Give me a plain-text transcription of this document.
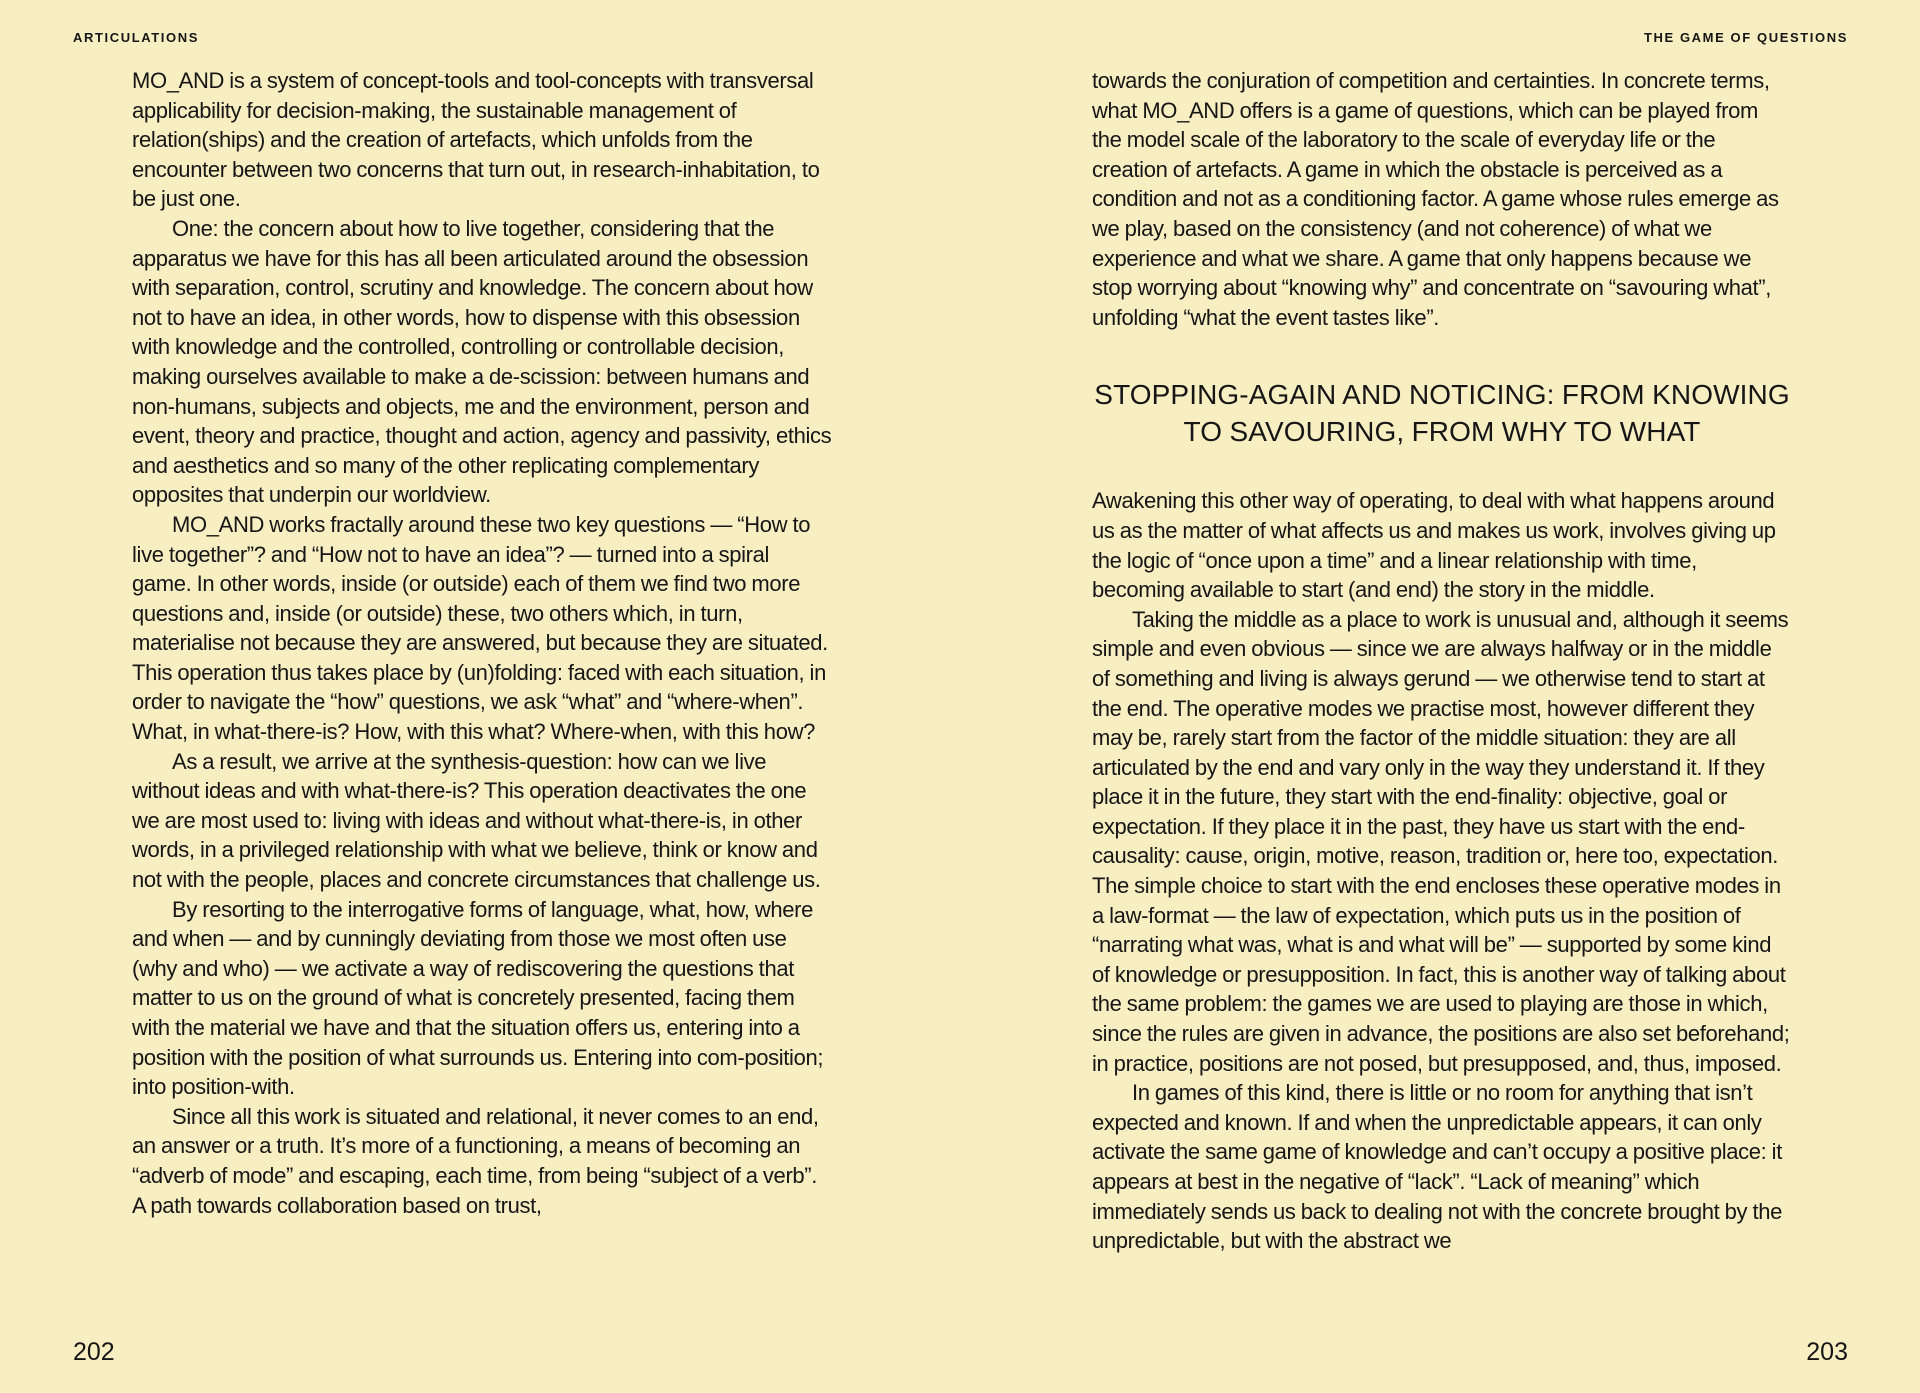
ARTICULATIONS

MO_AND is a system of concept-tools and tool-concepts with transversal applicability for decision-making, the sustainable management of relation(ships) and the creation of artefacts, which unfolds from the encounter between two concerns that turn out, in research-inhabitation, to be just one.

One: the concern about how to live together, considering that the apparatus we have for this has all been articulated around the obsession with separation, control, scrutiny and knowledge. The concern about how not to have an idea, in other words, how to dispense with this obsession with knowledge and the controlled, controlling or controllable decision, making ourselves available to make a de-scission: between humans and non-humans, subjects and objects, me and the environment, person and event, theory and practice, thought and action, agency and passivity, ethics and aesthetics and so many of the other replicating complementary opposites that underpin our worldview.

MO_AND works fractally around these two key questions — “How to live together”? and “How not to have an idea”? — turned into a spiral game. In other words, inside (or outside) each of them we find two more questions and, inside (or outside) these, two others which, in turn, materialise not because they are answered, but because they are situated. This operation thus takes place by (un)folding: faced with each situation, in order to navigate the “how” questions, we ask “what” and “where-when”. What, in what-there-is? How, with this what? Where-when, with this how?

As a result, we arrive at the synthesis-question: how can we live without ideas and with what-there-is? This operation deactivates the one we are most used to: living with ideas and without what-there-is, in other words, in a privileged relationship with what we believe, think or know and not with the people, places and concrete circumstances that challenge us.

By resorting to the interrogative forms of language, what, how, where and when — and by cunningly deviating from those we most often use (why and who) — we activate a way of rediscovering the questions that matter to us on the ground of what is concretely presented, facing them with the material we have and that the situation offers us, entering into a position with the position of what surrounds us. Entering into com-position; into position-with.

Since all this work is situated and relational, it never comes to an end, an answer or a truth. It’s more of a functioning, a means of becoming an “adverb of mode” and escaping, each time, from being “subject of a verb”. A path towards collaboration based on trust,

202
THE GAME OF QUESTIONS

towards the conjuration of competition and certainties. In concrete terms, what MO_AND offers is a game of questions, which can be played from the model scale of the laboratory to the scale of everyday life or the creation of artefacts. A game in which the obstacle is perceived as a condition and not as a conditioning factor. A game whose rules emerge as we play, based on the consistency (and not coherence) of what we experience and what we share. A game that only happens because we stop worrying about “knowing why” and concentrate on “savouring what”, unfolding “what the event tastes like”.

STOPPING-AGAIN AND NOTICING: FROM KNOWING TO SAVOURING, FROM WHY TO WHAT

Awakening this other way of operating, to deal with what happens around us as the matter of what affects us and makes us work, involves giving up the logic of “once upon a time” and a linear relationship with time, becoming available to start (and end) the story in the middle.

Taking the middle as a place to work is unusual and, although it seems simple and even obvious — since we are always halfway or in the middle of something and living is always gerund — we otherwise tend to start at the end. The operative modes we practise most, however different they may be, rarely start from the factor of the middle situation: they are all articulated by the end and vary only in the way they understand it. If they place it in the future, they start with the end-finality: objective, goal or expectation. If they place it in the past, they have us start with the end-causality: cause, origin, motive, reason, tradition or, here too, expectation. The simple choice to start with the end encloses these operative modes in a law-format — the law of expectation, which puts us in the position of “narrating what was, what is and what will be” — supported by some kind of knowledge or presupposition. In fact, this is another way of talking about the same problem: the games we are used to playing are those in which, since the rules are given in advance, the positions are also set beforehand; in practice, positions are not posed, but presupposed, and, thus, imposed.

In games of this kind, there is little or no room for anything that isn’t expected and known. If and when the unpredictable appears, it can only activate the same game of knowledge and can’t occupy a positive place: it appears at best in the negative of “lack”. “Lack of meaning” which immediately sends us back to dealing not with the concrete brought by the unpredictable, but with the abstract we

203
